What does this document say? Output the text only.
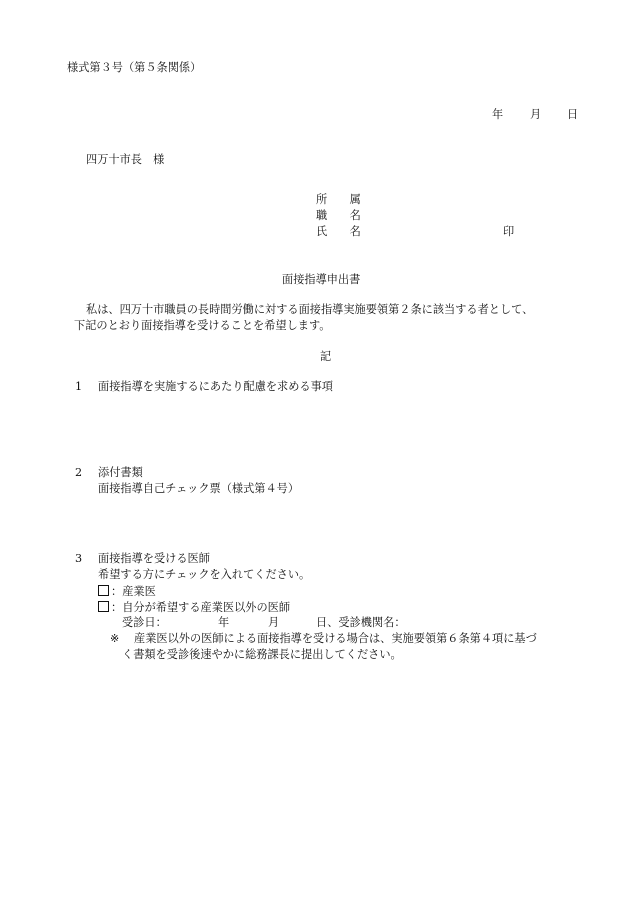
様式第３号（第５条関係）
年 月 日
四万十市長　様
所　　属
職　　名
氏　　名	印
面接指導申出書
私は、四万十市職員の長時間労働に対する面接指導実施要領第２条に該当する者として、
下記のとおり面接指導を受けることを希望します。
記
1 面接指導を実施するにあたり配慮を求める事項
2 添付書類
面接指導自己チェック票（様式第４号）
3 面接指導を受ける医師
希望する方にチェックを入れてください。
：産業医
：自分が希望する産業医以外の医師
受診日：	年	月	日、受診機関名：
※ 産業医以外の医師による面接指導を受ける場合は、実施要領第６条第４項に基づ
く書類を受診後速やかに総務課長に提出してください。
